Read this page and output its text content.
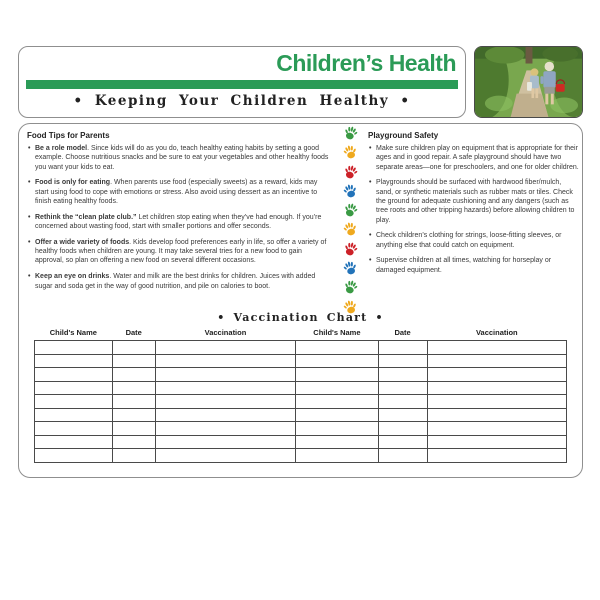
Children’s Health
• Keeping Your Children Healthy •
Food Tips for Parents
• Be a role model. Since kids will do as you do, teach healthy eating habits by setting a good example. Choose nutritious snacks and be sure to eat your vegetables and other healthy foods you want your kids to eat.
• Food is only for eating. When parents use food (especially sweets) as a reward, kids may start using food to cope with emotions or stress. Also avoid using dessert as an incentive to finish eating healthy foods.
• Rethink the “clean plate club.” Let children stop eating when they’ve had enough. If you’re concerned about wasting food, start with smaller portions and offer seconds.
• Offer a wide variety of foods. Kids develop food preferences early in life, so offer a variety of healthy foods when children are young. It may take several tries for a new food to gain approval, so plan on offering a new food on several different occasions.
• Keep an eye on drinks. Water and milk are the best drinks for children. Juices with added sugar and soda get in the way of good nutrition, and pile on calories to boot.
Playground Safety
• Make sure children play on equipment that is appropriate for their ages and in good repair. A safe playground should have two separate areas—one for preschoolers, and one for older children.
• Playgrounds should be surfaced with hardwood fiber/mulch, sand, or synthetic materials such as rubber mats or tiles. Check the ground for adequate cushioning and any dangers (such as tree roots and other tripping hazards) before allowing children to play.
• Check children’s clothing for strings, loose-fitting sleeves, or anything else that could catch on equipment.
• Supervise children at all times, watching for horseplay or damaged equipment.
• Vaccination Chart •
Child's Name	Date	Vaccination	Child's Name	Date	Vaccination
